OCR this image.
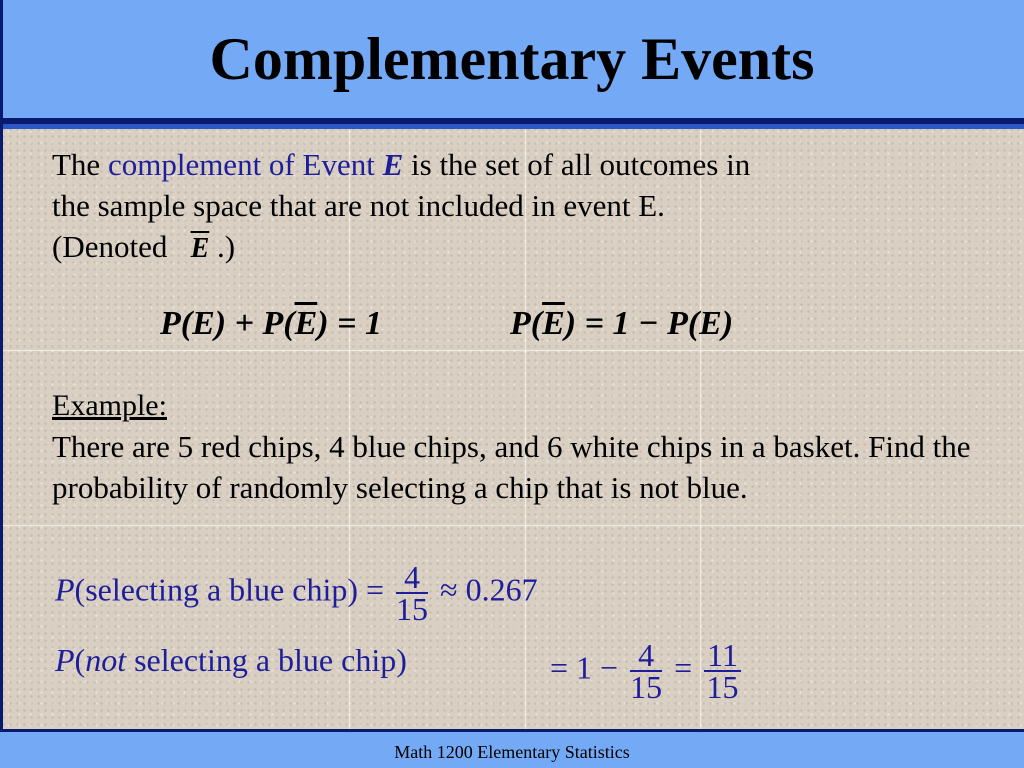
Complementary Events
The complement of Event E is the set of all outcomes in
the sample space that are not included in event E.
(Denoted   $\overline{E}$ .)
$P(E) + P(\overline{E}) = 1$	$P(\overline{E}) = 1 - P(E)$
Example:
There are 5 red chips, 4 blue chips, and 6 white chips in a basket. Find the probability of randomly selecting a chip that is not blue.
P(selecting a blue chip) = $\frac{4}{15} \approx 0.267$
P(not selecting a blue chip)	= $1 - \frac{4}{15} = \frac{11}{15}$
Math 1200 Elementary Statistics
